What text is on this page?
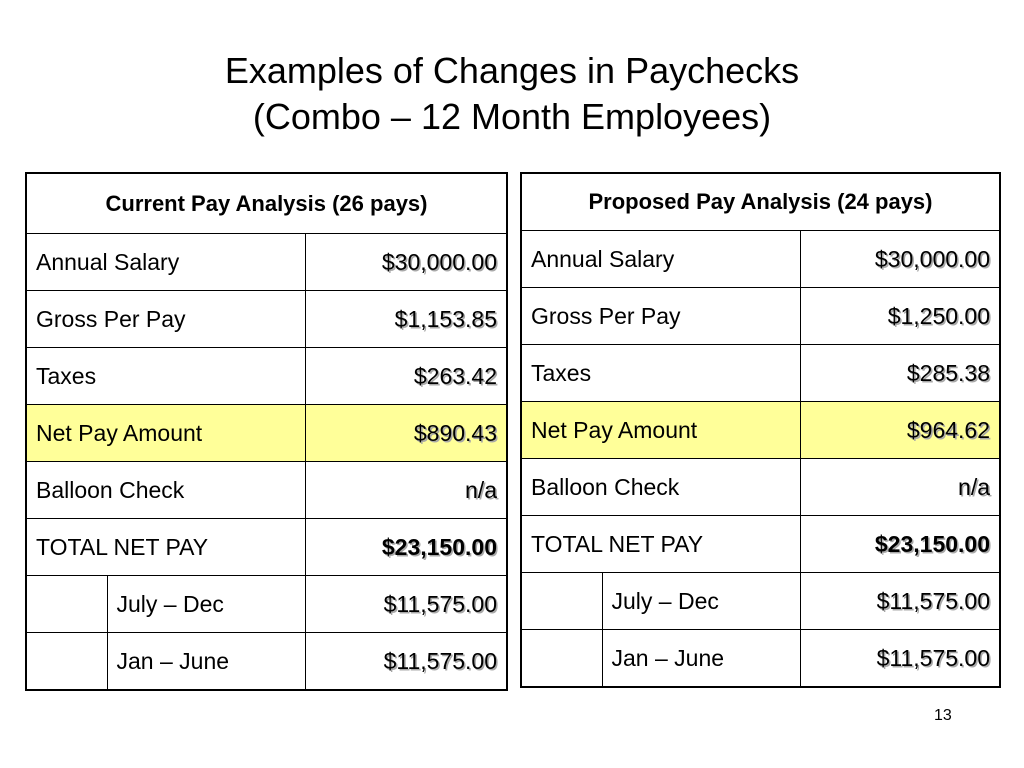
Examples of Changes in Paychecks
(Combo – 12 Month Employees)
Current Pay Analysis (26 pays)		
Annual Salary		$30,000.00
Gross Per Pay		$1,153.85
Taxes		$263.42
Net Pay Amount		$890.43
Balloon Check		n/a
TOTAL NET PAY		$23,150.00
	July – Dec	$11,575.00
	Jan – June	$11,575.00
Proposed Pay Analysis (24 pays)		
Annual Salary		$30,000.00
Gross Per Pay		$1,250.00
Taxes		$285.38
Net Pay Amount		$964.62
Balloon Check		n/a
TOTAL NET PAY		$23,150.00
	July – Dec	$11,575.00
	Jan – June	$11,575.00
13
